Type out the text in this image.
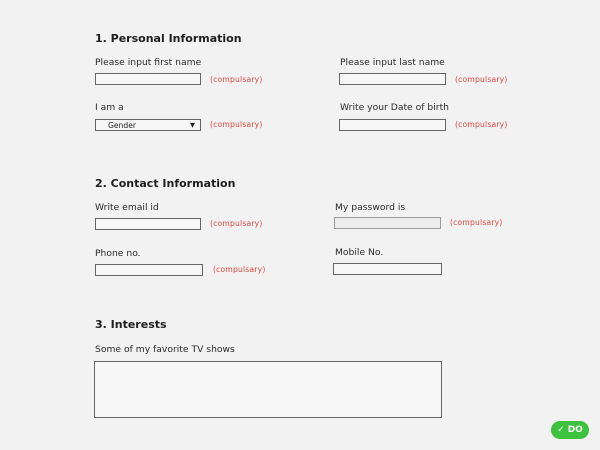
1. Personal Information
Please input first name
(compulsary)
Please input last name
(compulsary)
I am a
Gender	▼ (compulsary)
Write your Date of birth
(compulsary)
2. Contact Information
Write email id
(compulsary)
My password is
(compulsary)
Phone no.
(compulsary)
Mobile No.
3. Interests
Some of my favorite TV shows
✓ DO
